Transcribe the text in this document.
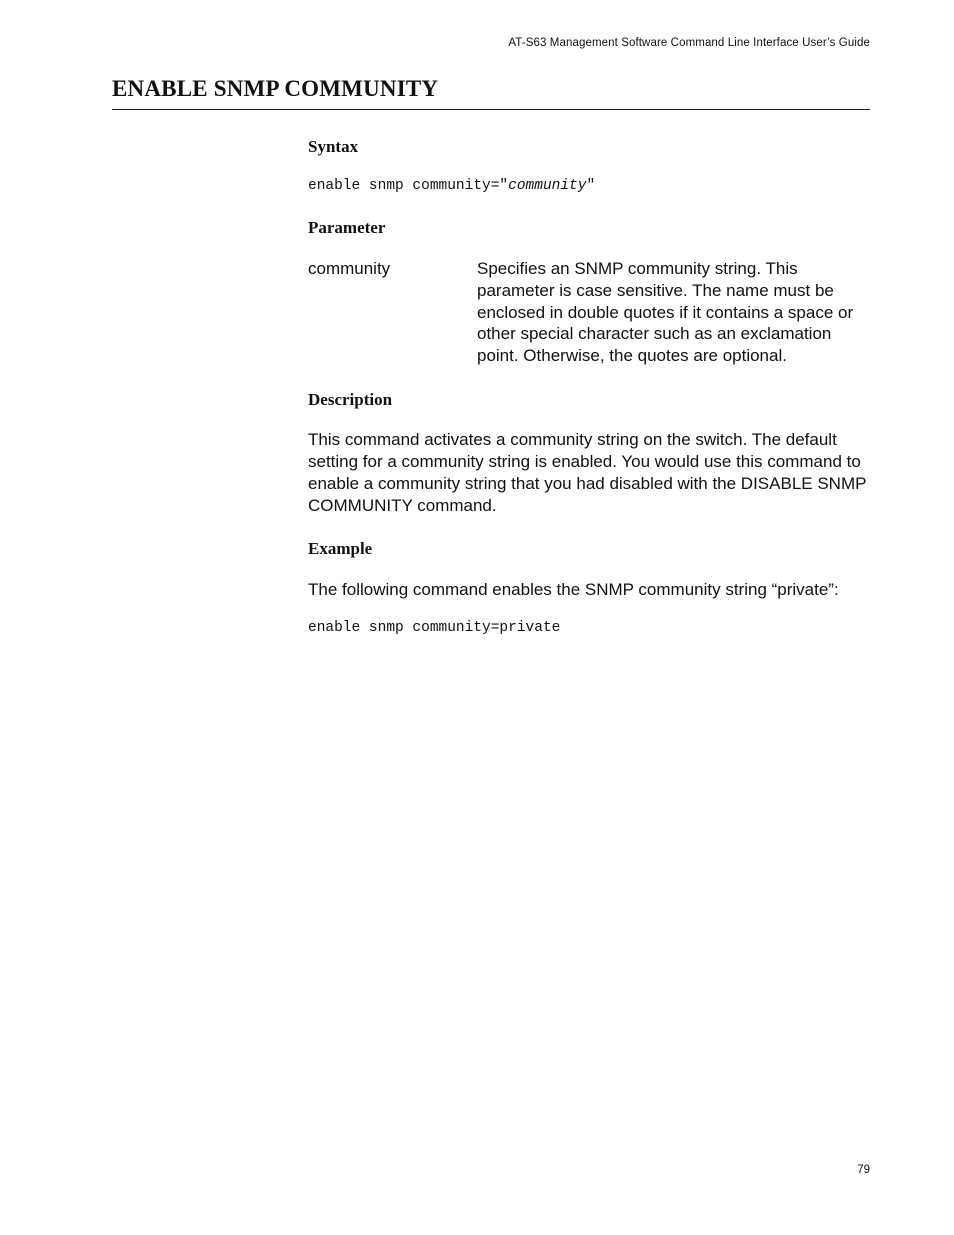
AT-S63 Management Software Command Line Interface User’s Guide
ENABLE SNMP COMMUNITY
Syntax
enable snmp community="community"
Parameter
community	Specifies an SNMP community string. This parameter is case sensitive. The name must be enclosed in double quotes if it contains a space or other special character such as an exclamation point. Otherwise, the quotes are optional.
Description
This command activates a community string on the switch. The default setting for a community string is enabled. You would use this command to enable a community string that you had disabled with the DISABLE SNMP COMMUNITY command.
Example
The following command enables the SNMP community string “private”:
enable snmp community=private
79
